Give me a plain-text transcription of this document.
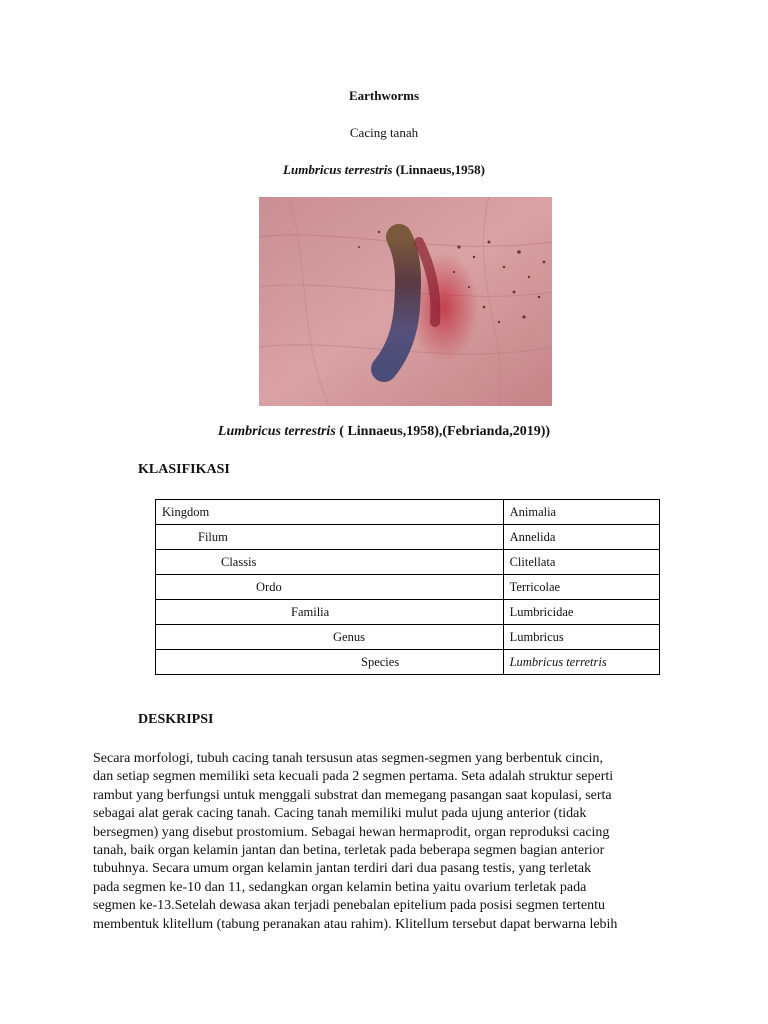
Earthworms
Cacing tanah
Lumbricus terrestris (Linnaeus,1958)
Lumbricus terrestris ( Linnaeus,1958),(Febrianda,2019))
KLASIFIKASI
Kingdom	Animalia
Filum	Annelida
Classis	Clitellata
Ordo	Terricolae
Familia	Lumbricidae
Genus	Lumbricus
Species	Lumbricus terretris
DESKRIPSI
Secara morfologi, tubuh cacing tanah tersusun atas segmen-segmen yang berbentuk cincin,
dan setiap segmen memiliki seta kecuali pada 2 segmen pertama. Seta adalah struktur seperti
rambut yang berfungsi untuk menggali substrat dan memegang pasangan saat kopulasi, serta
sebagai alat gerak cacing tanah. Cacing tanah memiliki mulut pada ujung anterior (tidak
bersegmen) yang disebut prostomium. Sebagai hewan hermaprodit, organ reproduksi cacing
tanah, baik organ kelamin jantan dan betina, terletak pada beberapa segmen bagian anterior
tubuhnya. Secara umum organ kelamin jantan terdiri dari dua pasang testis, yang terletak
pada segmen ke-10 dan 11, sedangkan organ kelamin betina yaitu ovarium terletak pada
segmen ke-13.Setelah dewasa akan terjadi penebalan epitelium pada posisi segmen tertentu
membentuk klitellum (tabung peranakan atau rahim). Klitellum tersebut dapat berwarna lebih
